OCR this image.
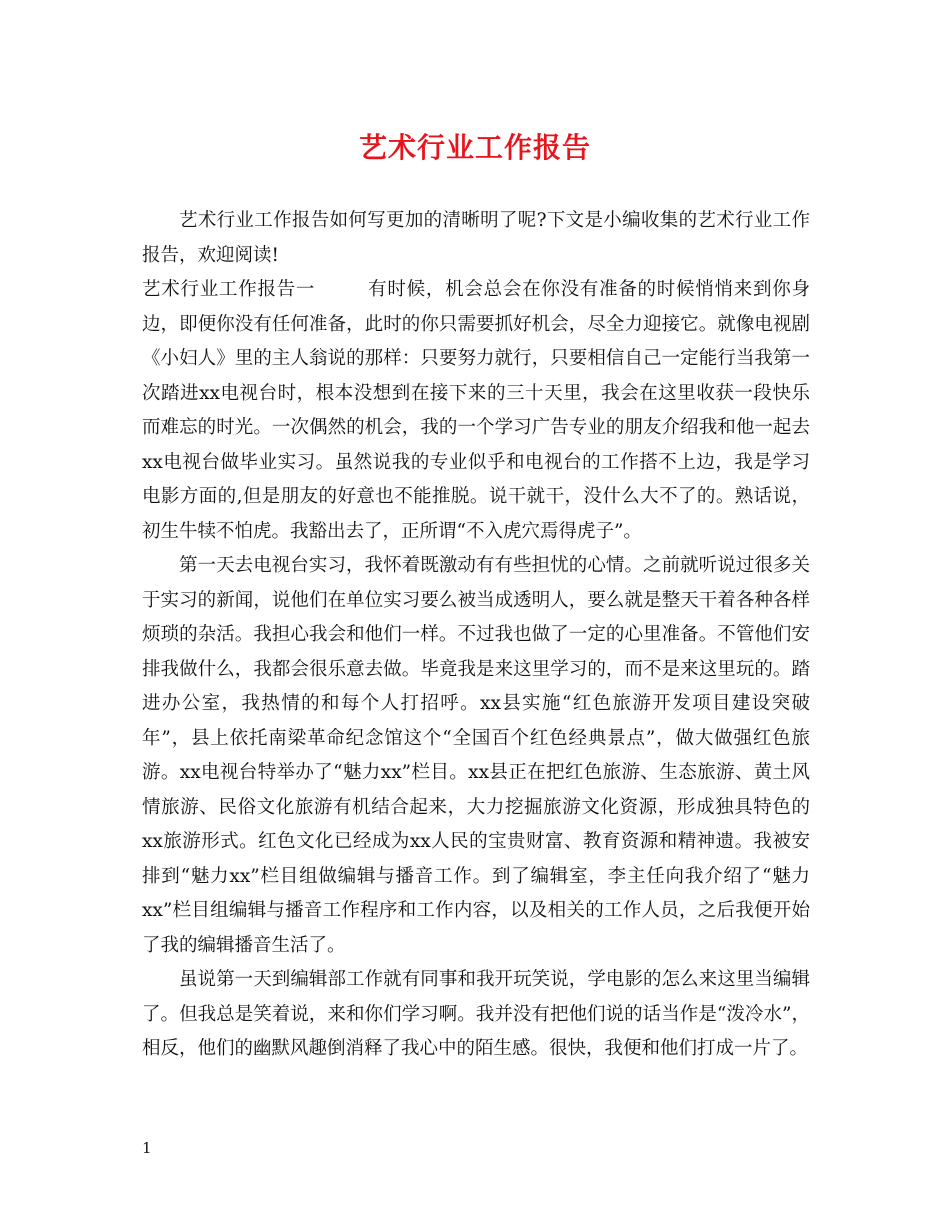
艺术行业工作报告

艺术行业工作报告如何写更加的清晰明了呢?下文是小编收集的艺术行业工作报告，欢迎阅读!

艺术行业工作报告一	有时候，机会总会在你没有准备的时候悄悄来到你身边，即便你没有任何准备，此时的你只需要抓好机会，尽全力迎接它。就像电视剧《小妇人》里的主人翁说的那样：只要努力就行，只要相信自己一定能行当我第一次踏进xx电视台时，根本没想到在接下来的三十天里，我会在这里收获一段快乐而难忘的时光。一次偶然的机会，我的一个学习广告专业的朋友介绍我和他一起去xx电视台做毕业实习。虽然说我的专业似乎和电视台的工作搭不上边，我是学习电影方面的,但是朋友的好意也不能推脱。说干就干，没什么大不了的。熟话说，初生牛犊不怕虎。我豁出去了，正所谓“不入虎穴焉得虎子”。

第一天去电视台实习，我怀着既激动有有些担忧的心情。之前就听说过很多关于实习的新闻，说他们在单位实习要么被当成透明人，要么就是整天干着各种各样烦琐的杂活。我担心我会和他们一样。不过我也做了一定的心里准备。不管他们安排我做什么，我都会很乐意去做。毕竟我是来这里学习的，而不是来这里玩的。踏进办公室，我热情的和每个人打招呼。xx县实施“红色旅游开发项目建设突破年”，县上依托南梁革命纪念馆这个“全国百个红色经典景点”，做大做强红色旅游。xx电视台特举办了“魅力xx”栏目。xx县正在把红色旅游、生态旅游、黄土风情旅游、民俗文化旅游有机结合起来，大力挖掘旅游文化资源，形成独具特色的xx旅游形式。红色文化已经成为xx人民的宝贵财富、教育资源和精神遗。我被安排到“魅力xx”栏目组做编辑与播音工作。到了编辑室，李主任向我介绍了“魅力xx”栏目组编辑与播音工作程序和工作内容，以及相关的工作人员，之后我便开始了我的编辑播音生活了。

虽说第一天到编辑部工作就有同事和我开玩笑说，学电影的怎么来这里当编辑了。但我总是笑着说，来和你们学习啊。我并没有把他们说的话当作是“泼冷水”，相反，他们的幽默风趣倒消释了我心中的陌生感。很快，我便和他们打成一片了。

1
